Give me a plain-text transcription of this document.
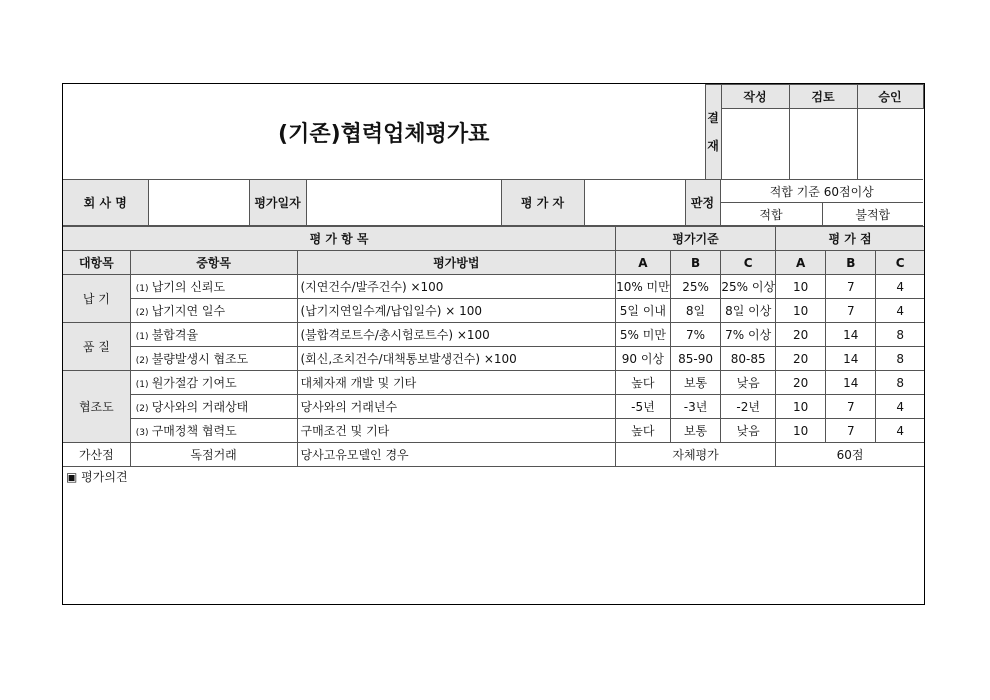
(기존)협력업체평가표	결
재	작성	검토	승인

회 사 명		평가일자		평 가 자		판정	적합 기준 60점이상	
							적합	불적합
평 가 항 목			평가기준			평 가 점		
대항목	중항목	평가방법	A	B	C	A	B	C
납 기	(1) 납기의 신뢰도	(지연건수/발주건수) ×100	10% 미만	25%	25% 이상	10	7	4
	(2) 납기지연 일수	(납기지연일수계/납입일수) × 100	5일 이내	8일	8일 이상	10	7	4
품 질	(1) 불합격율	(불합격로트수/총시험로트수) ×100	5% 미만	7%	7% 이상	20	14	8
	(2) 불량발생시 협조도	(회신,조치건수/대책통보발생건수) ×100	90 이상	85-90	80-85	20	14	8
협조도	(1) 원가절감 기여도	대체자재 개발 및 기타	높다	보통	낮음	20	14	8
	(2) 당사와의 거래상태	당사와의 거래년수	-5년	-3년	-2년	10	7	4
	(3) 구매정책 협력도	구매조건 및 기타	높다	보통	낮음	10	7	4
가산점	독점거래	당사고유모델인 경우	자체평가			60점		
▣ 평가의견
